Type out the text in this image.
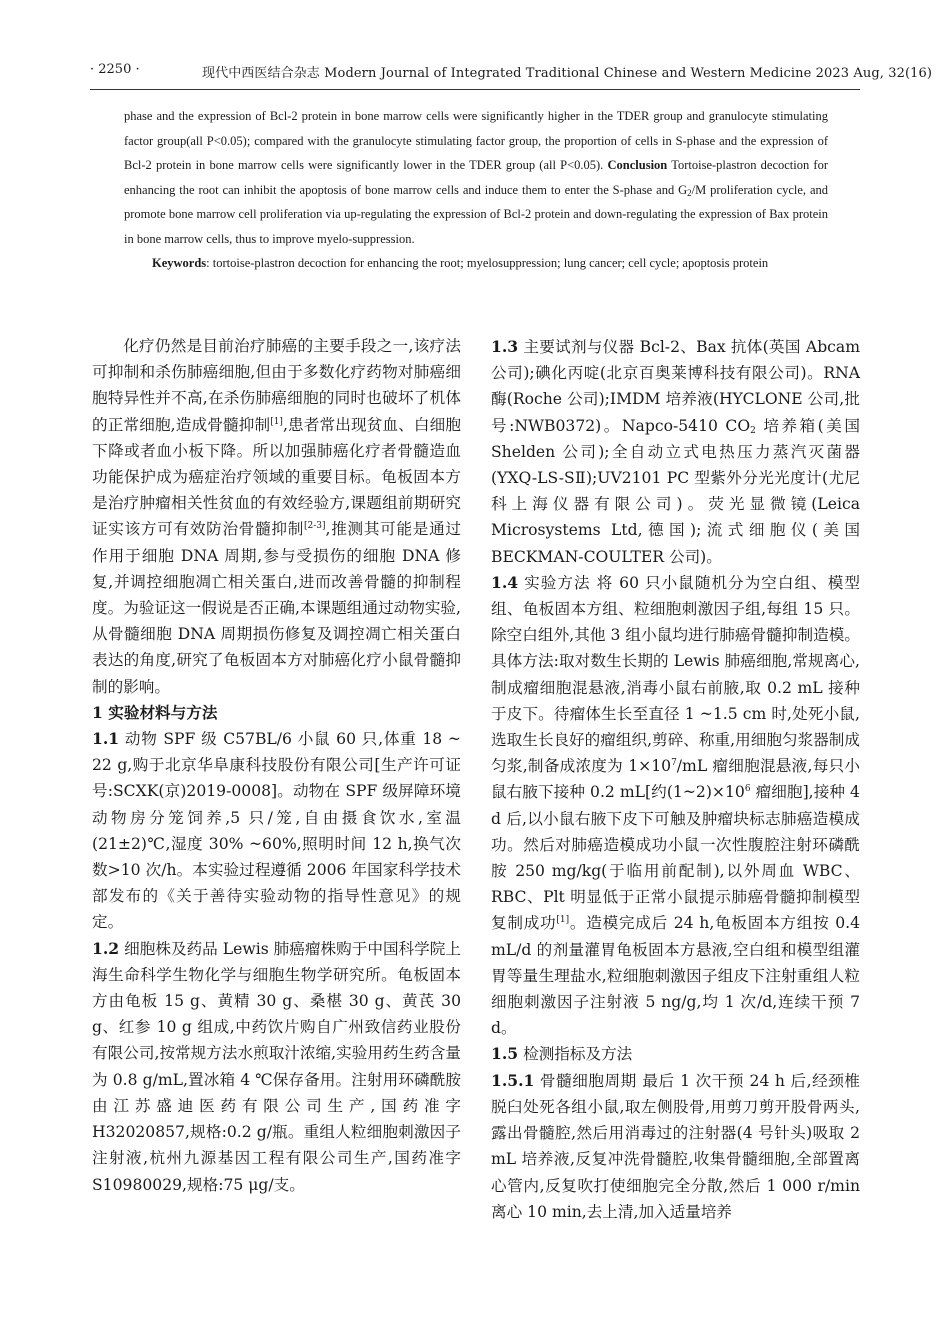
· 2250 ·	现代中西医结合杂志 Modern Journal of Integrated Traditional Chinese and Western Medicine 2023 Aug, 32(16)

phase and the expression of Bcl-2 protein in bone marrow cells were significantly higher in the TDER group and granulocyte stimulating factor group(all P<0.05); compared with the granulocyte stimulating factor group, the proportion of cells in S-phase and the expression of Bcl-2 protein in bone marrow cells were significantly lower in the TDER group (all P<0.05). Conclusion Tortoise-plastron decoction for enhancing the root can inhibit the apoptosis of bone marrow cells and induce them to enter the S-phase and $G_2/M$ proliferation cycle, and promote bone marrow cell proliferation via up-regulating the expression of Bcl-2 protein and down-regulating the expression of Bax protein in bone marrow cells, thus to improve myelo-suppression.

Keywords: tortoise-plastron decoction for enhancing the root; myelosuppression; lung cancer; cell cycle; apoptosis protein

化疗仍然是目前治疗肺癌的主要手段之一,该疗法可抑制和杀伤肺癌细胞,但由于多数化疗药物对肺癌细胞特异性并不高,在杀伤肺癌细胞的同时也破坏了机体的正常细胞,造成骨髓抑制[1],患者常出现贫血、白细胞下降或者血小板下降。所以加强肺癌化疗者骨髓造血功能保护成为癌症治疗领域的重要目标。龟板固本方是治疗肿瘤相关性贫血的有效经验方,课题组前期研究证实该方可有效防治骨髓抑制[2-3],推测其可能是通过作用于细胞 DNA 周期,参与受损伤的细胞 DNA 修复,并调控细胞凋亡相关蛋白,进而改善骨髓的抑制程度。为验证这一假说是否正确,本课题组通过动物实验,从骨髓细胞 DNA 周期损伤修复及调控凋亡相关蛋白表达的角度,研究了龟板固本方对肺癌化疗小鼠骨髓抑制的影响。

1 实验材料与方法

1.1 动物 SPF 级 C57BL/6 小鼠 60 只,体重 18 ~ 22 g,购于北京华阜康科技股份有限公司[生产许可证号:SCXK(京)2019-0008]。动物在 SPF 级屏障环境动物房分笼饲养,5 只/笼,自由摄食饮水,室温(21±2)℃,湿度 30% ~60%,照明时间 12 h,换气次数>10 次/h。本实验过程遵循 2006 年国家科学技术部发布的《关于善待实验动物的指导性意见》的规定。

1.2 细胞株及药品 Lewis 肺癌瘤株购于中国科学院上海生命科学生物化学与细胞生物学研究所。龟板固本方由龟板 15 g、黄精 30 g、桑椹 30 g、黄芪 30 g、红参 10 g 组成,中药饮片购自广州致信药业股份有限公司,按常规方法水煎取汁浓缩,实验用药生药含量为 0.8 g/mL,置冰箱 4 ℃保存备用。注射用环磷酰胺由江苏盛迪医药有限公司生产,国药准字 H32020857,规格:0.2 g/瓶。重组人粒细胞刺激因子注射液,杭州九源基因工程有限公司生产,国药准字 S10980029,规格:75 μg/支。

1.3 主要试剂与仪器 Bcl-2、Bax 抗体(英国 Abcam 公司);碘化丙啶(北京百奥莱博科技有限公司)。RNA 酶(Roche 公司);IMDM 培养液(HYCLONE 公司,批号:NWB0372)。Napco-5410 $CO_2$ 培养箱(美国 Shelden 公司);全自动立式电热压力蒸汽灭菌器(YXQ-LS-SⅡ);UV2101 PC 型紫外分光光度计(尤尼科上海仪器有限公司)。荧光显微镜(Leica Microsystems Ltd,德国);流式细胞仪(美国 BECKMAN-COULTER 公司)。

1.4 实验方法 将 60 只小鼠随机分为空白组、模型组、龟板固本方组、粒细胞刺激因子组,每组 15 只。除空白组外,其他 3 组小鼠均进行肺癌骨髓抑制造模。具体方法:取对数生长期的 Lewis 肺癌细胞,常规离心,制成瘤细胞混悬液,消毒小鼠右前腋,取 0.2 mL 接种于皮下。待瘤体生长至直径 1 ~1.5 cm 时,处死小鼠,选取生长良好的瘤组织,剪碎、称重,用细胞匀浆器制成匀浆,制备成浓度为 $1\times 10^7/mL$ 瘤细胞混悬液,每只小鼠右腋下接种 0.2 mL[约$(1\sim 2)\times 10^6$ 瘤细胞],接种 4 d 后,以小鼠右腋下皮下可触及肿瘤块标志肺癌造模成功。然后对肺癌造模成功小鼠一次性腹腔注射环磷酰胺 250 mg/kg(于临用前配制),以外周血 WBC、RBC、Plt 明显低于正常小鼠提示肺癌骨髓抑制模型复制成功[1]。造模完成后 24 h,龟板固本方组按 0.4 mL/d 的剂量灌胃龟板固本方悬液,空白组和模型组灌胃等量生理盐水,粒细胞刺激因子组皮下注射重组人粒细胞刺激因子注射液 5 ng/g,均 1 次/d,连续干预 7 d。

1.5 检测指标及方法

1.5.1 骨髓细胞周期 最后 1 次干预 24 h 后,经颈椎脱臼处死各组小鼠,取左侧股骨,用剪刀剪开股骨两头,露出骨髓腔,然后用消毒过的注射器(4 号针头)吸取 2 mL 培养液,反复冲洗骨髓腔,收集骨髓细胞,全部置离心管内,反复吹打使细胞完全分散,然后 1 000 r/min 离心 10 min,去上清,加入适量培养
